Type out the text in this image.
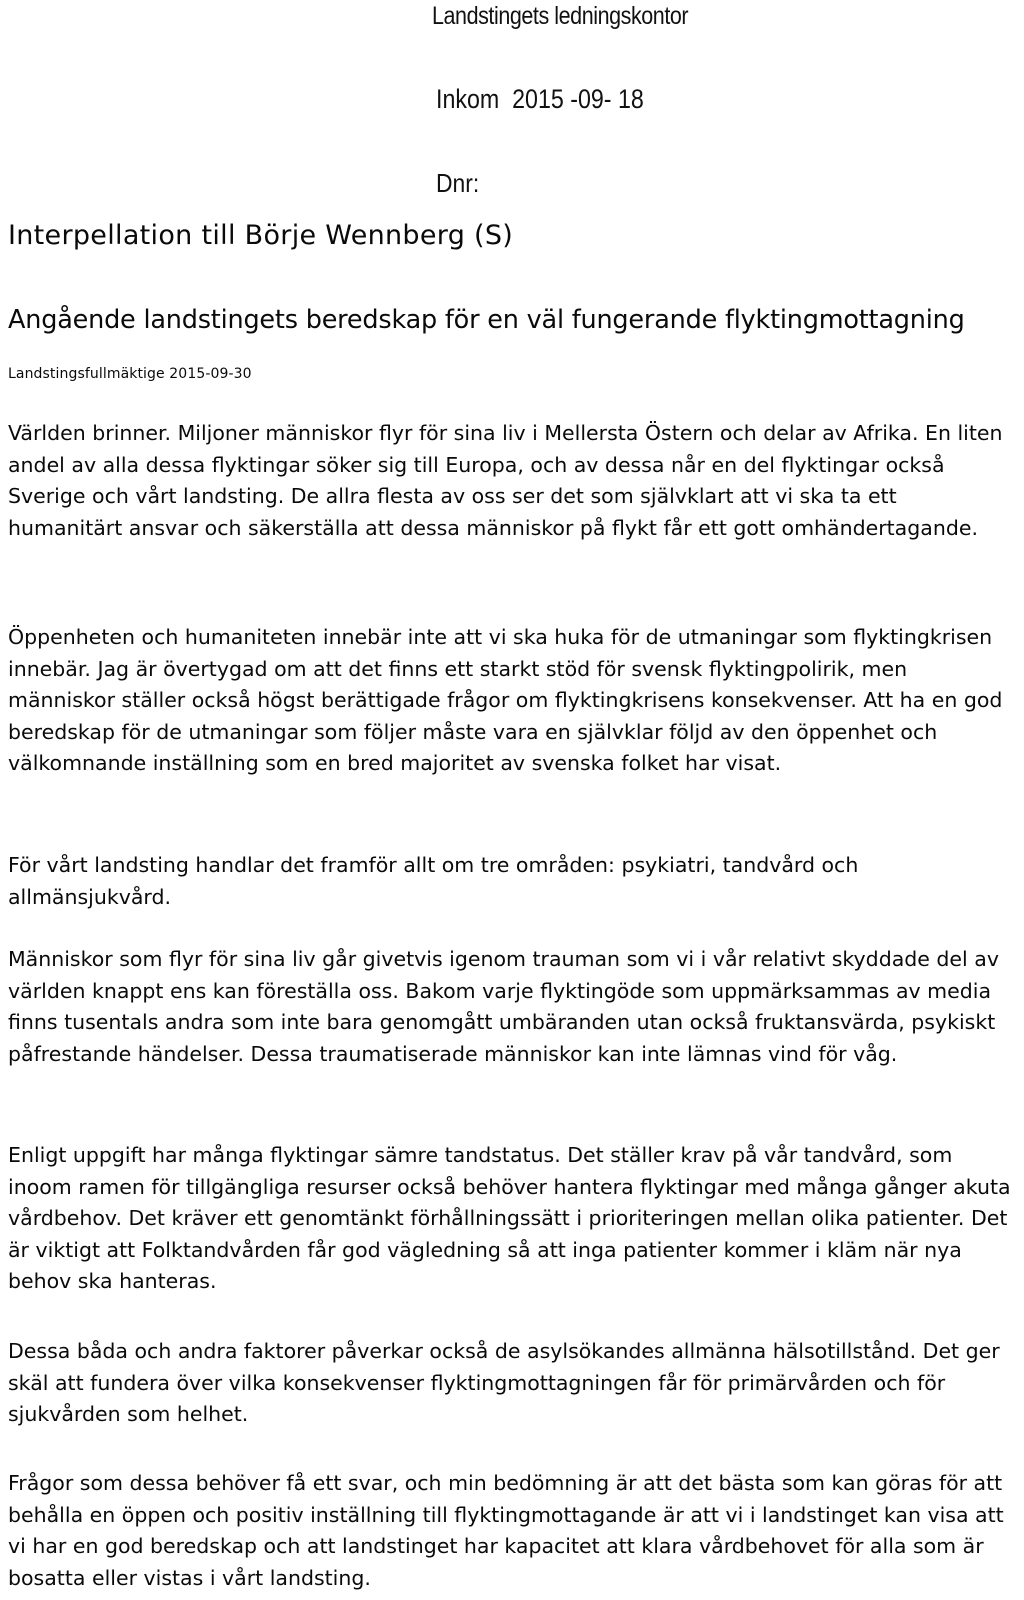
Landstingets ledningskontor
Inkom  2015 -09- 18
Dnr:
Interpellation till Börje Wennberg (S)
Angående landstingets beredskap för en väl fungerande flyktingmottagning
Landstingsfullmäktige 2015-09-30

Världen brinner. Miljoner människor flyr för sina liv i Mellersta Östern och delar av Afrika. En liten andel av alla dessa flyktingar söker sig till Europa, och av dessa når en del flyktingar också Sverige och vårt landsting. De allra flesta av oss ser det som självklart att vi ska ta ett humanitärt ansvar och säkerställa att dessa människor på flykt får ett gott omhändertagande.

Öppenheten och humaniteten innebär inte att vi ska huka för de utmaningar som flyktingkrisen innebär. Jag är övertygad om att det finns ett starkt stöd för svensk flyktingpolirik, men människor ställer också högst berättigade frågor om flyktingkrisens konsekvenser. Att ha en god beredskap för de utmaningar som följer måste vara en självklar följd av den öppenhet och välkomnande inställning som en bred majoritet av svenska folket har visat.

För vårt landsting handlar det framför allt om tre områden: psykiatri, tandvård och allmänsjukvård.

Människor som flyr för sina liv går givetvis igenom trauman som vi i vår relativt skyddade del av världen knappt ens kan föreställa oss. Bakom varje flyktingöde som uppmärksammas av media finns tusentals andra som inte bara genomgått umbäranden utan också fruktansvärda, psykiskt påfrestande händelser. Dessa traumatiserade människor kan inte lämnas vind för våg.

Enligt uppgift har många flyktingar sämre tandstatus. Det ställer krav på vår tandvård, som inoom ramen för tillgängliga resurser också behöver hantera flyktingar med många gånger akuta vårdbehov. Det kräver ett genomtänkt förhållningssätt i prioriteringen mellan olika patienter. Det är viktigt att Folktandvården får god vägledning så att inga patienter kommer i kläm när nya behov ska hanteras.

Dessa båda och andra faktorer påverkar också de asylsökandes allmänna hälsotillstånd. Det ger skäl att fundera över vilka konsekvenser flyktingmottagningen får för primärvården och för sjukvården som helhet.

Frågor som dessa behöver få ett svar, och min bedömning är att det bästa som kan göras för att behålla en öppen och positiv inställning till flyktingmottagande är att vi i landstinget kan visa att vi har en god beredskap och att landstinget har kapacitet att klara vårdbehovet för alla som är bosatta eller vistas i vårt landsting.
